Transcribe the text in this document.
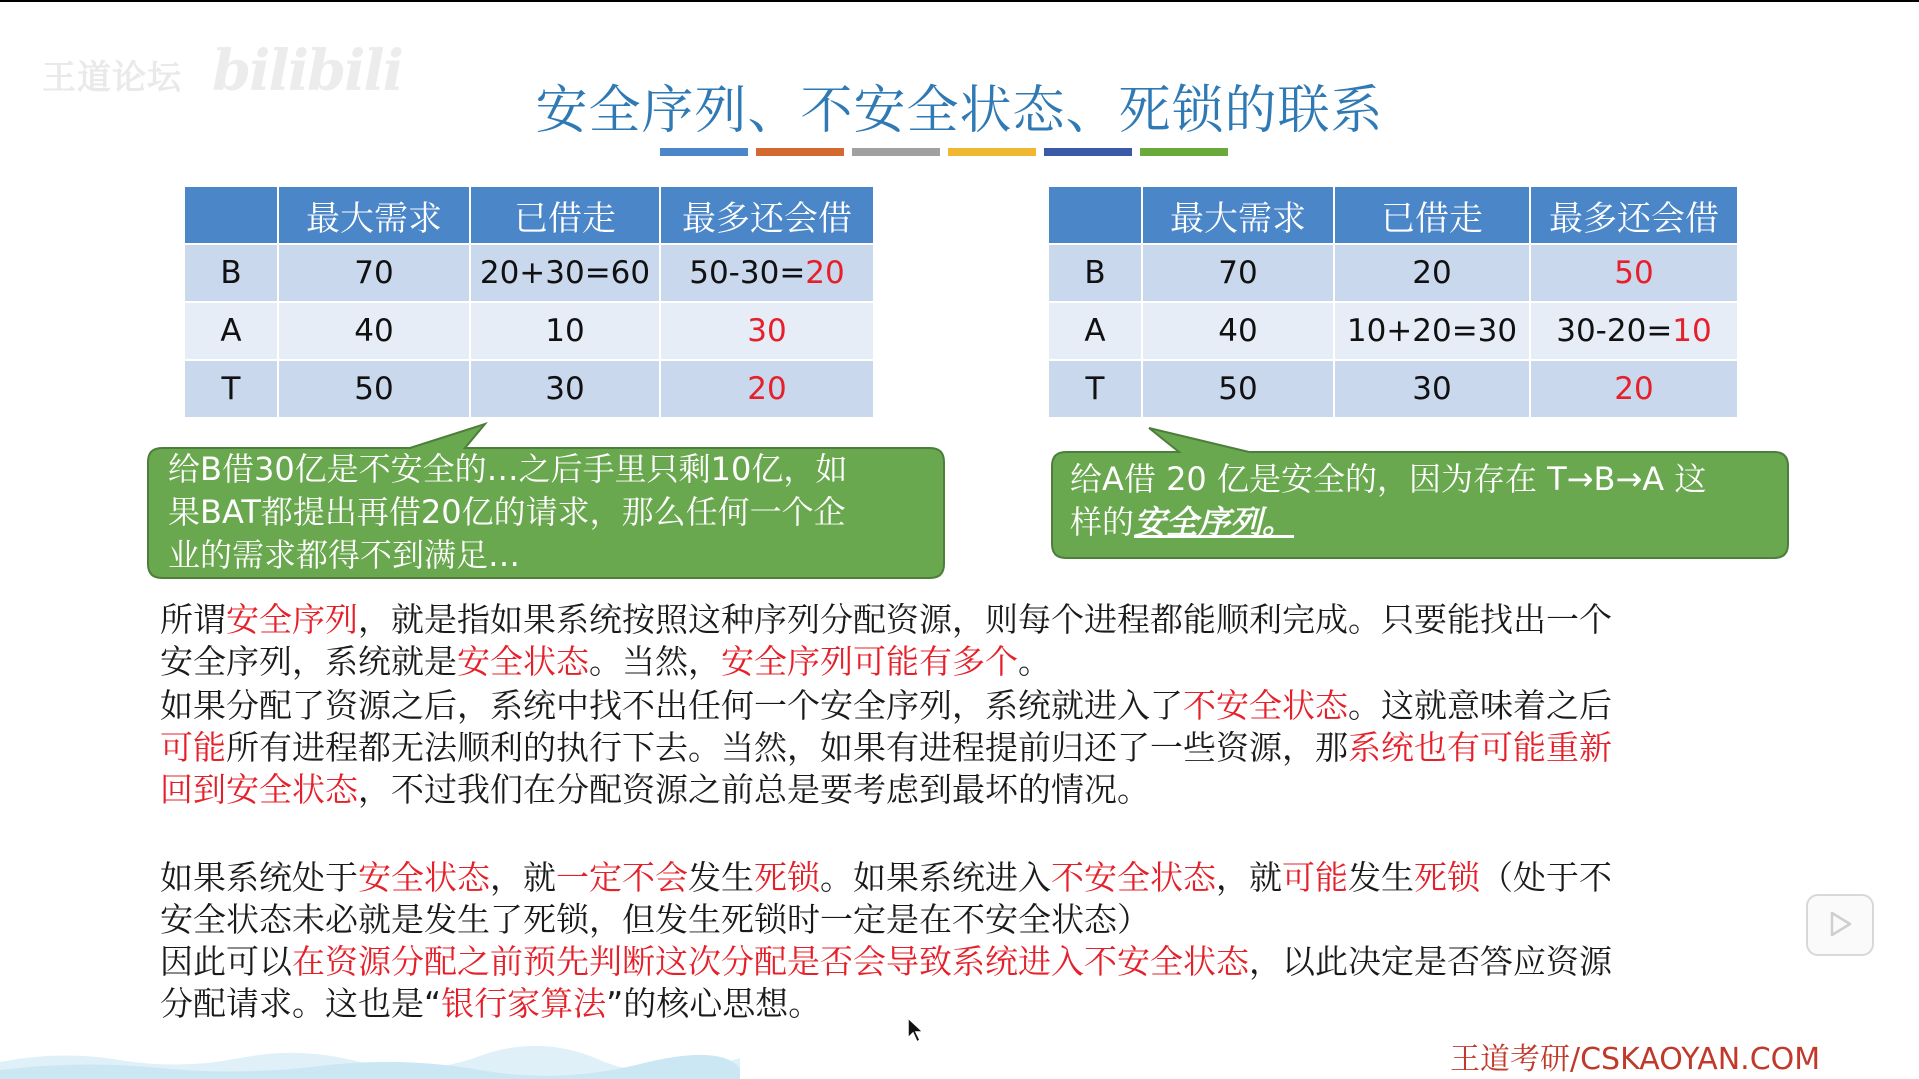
王道论坛 bilibili
安全序列、不安全状态、死锁的联系
	最大需求	已借走	最多还会借
B	70	20+30=60	50-30=20
A	40	10	30
T	50	30	20
	最大需求	已借走	最多还会借
B	70	20	50
A	40	10+20=30	30-20=10
T	50	30	20
给B借30亿是不安全的…之后手里只剩10亿，如
果BAT都提出再借20亿的请求，那么任何一个企
业的需求都得不到满足…
给A借 20 亿是安全的，因为存在 T→B→A 这
样的安全序列。
所谓安全序列，就是指如果系统按照这种序列分配资源，则每个进程都能顺利完成。只要能找出一个
安全序列，系统就是安全状态。当然，安全序列可能有多个。
如果分配了资源之后，系统中找不出任何一个安全序列，系统就进入了不安全状态。这就意味着之后
可能所有进程都无法顺利的执行下去。当然，如果有进程提前归还了一些资源，那系统也有可能重新
回到安全状态，不过我们在分配资源之前总是要考虑到最坏的情况。
如果系统处于安全状态，就一定不会发生死锁。如果系统进入不安全状态，就可能发生死锁（处于不
安全状态未必就是发生了死锁，但发生死锁时一定是在不安全状态）
因此可以在资源分配之前预先判断这次分配是否会导致系统进入不安全状态，以此决定是否答应资源
分配请求。这也是“银行家算法”的核心思想。
王道考研/CSKAOYAN.COM
